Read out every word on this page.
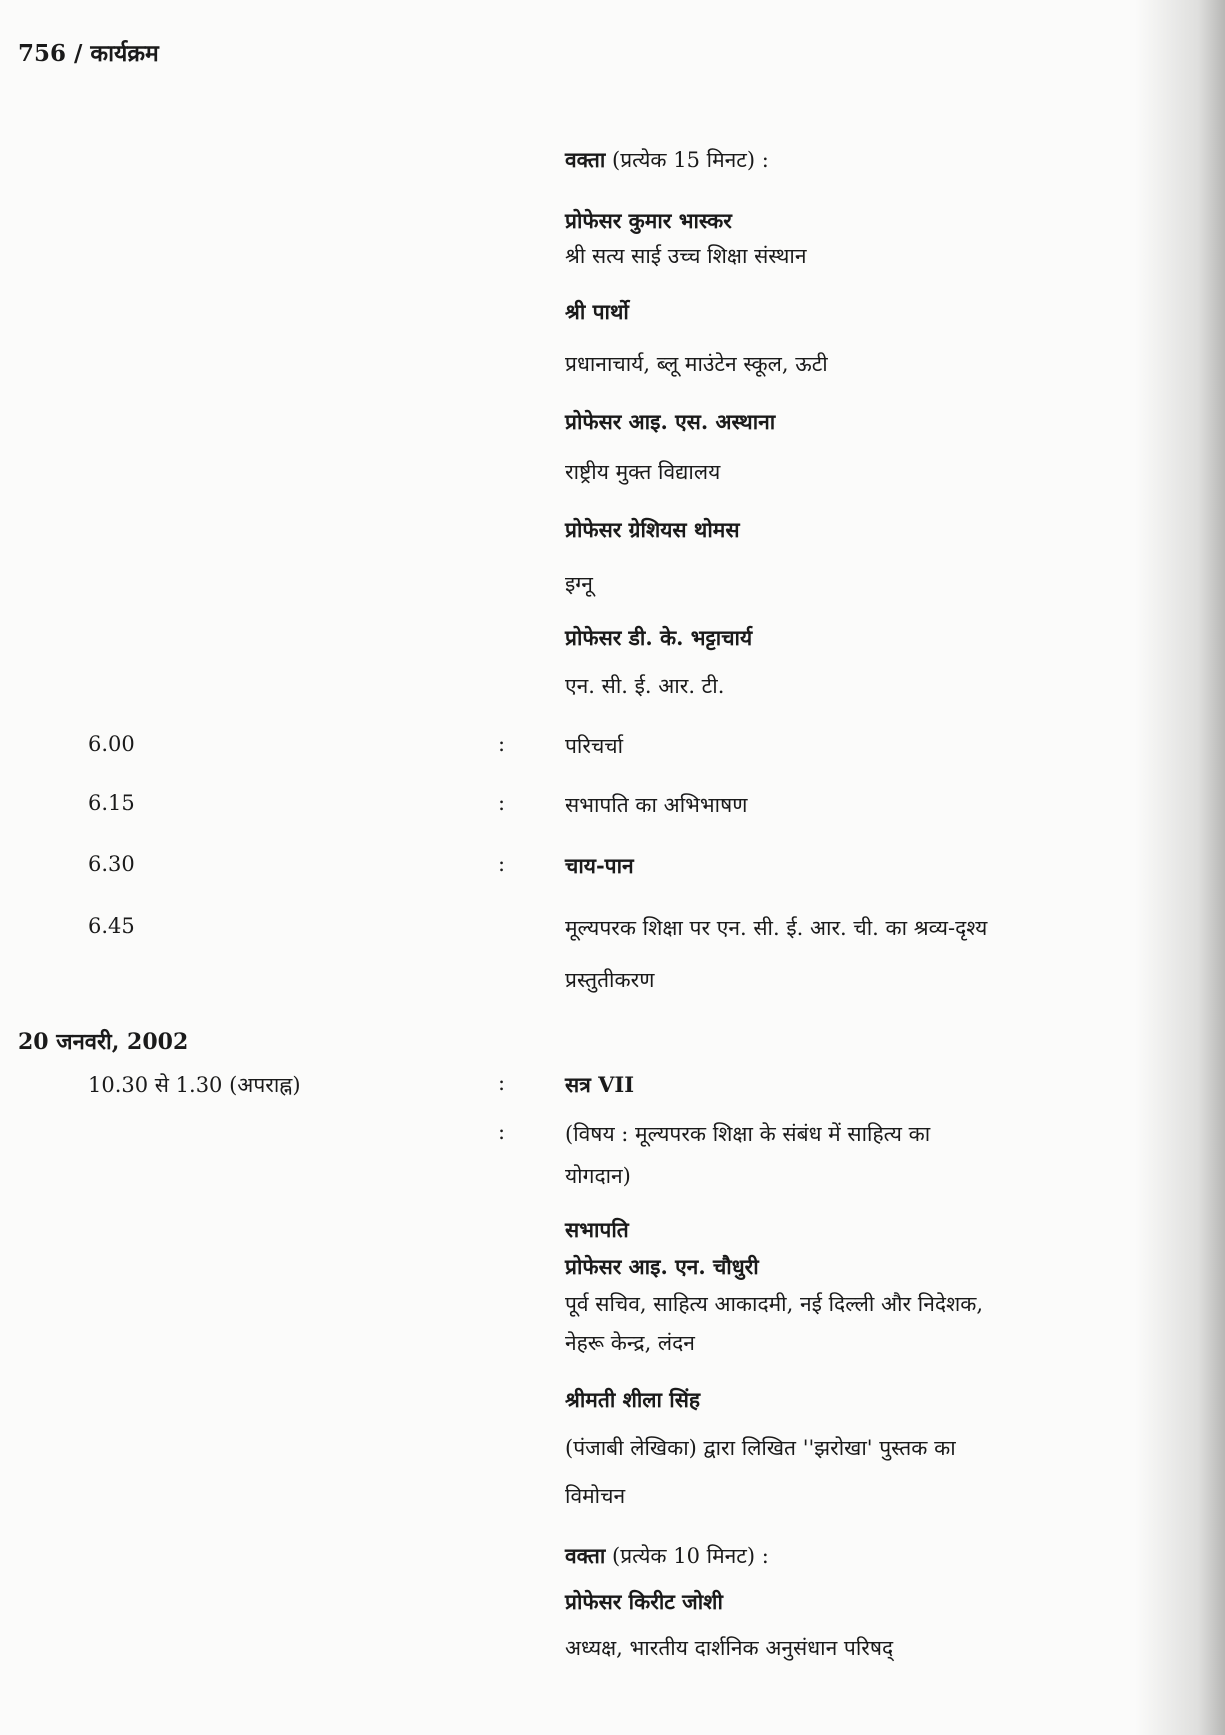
756 / कार्यक्रम
वक्ता (प्रत्येक 15 मिनट) :
प्रोफेसर कुमार भास्कर
श्री सत्य साई उच्च शिक्षा संस्थान
श्री पार्थो
प्रधानाचार्य, ब्लू माउंटेन स्कूल, ऊटी
प्रोफेसर आइ. एस. अस्थाना
राष्ट्रीय मुक्त विद्यालय
प्रोफेसर ग्रेशियस थोमस
इग्नू
प्रोफेसर डी. के. भट्टाचार्य
एन. सी. ई. आर. टी.
6.00	:	परिचर्चा
6.15	:	सभापति का अभिभाषण
6.30	:	चाय-पान
6.45	मूल्यपरक शिक्षा पर एन. सी. ई. आर. ची. का श्रव्य-दृश्य
प्रस्तुतीकरण
20 जनवरी, 2002
10.30 से 1.30 (अपराह्न)	:	सत्र VII
:	(विषय : मूल्यपरक शिक्षा के संबंध में साहित्य का
योगदान)
सभापति
प्रोफेसर आइ. एन. चौधुरी
पूर्व सचिव, साहित्य आकादमी, नई दिल्ली और निदेशक,
नेहरू केन्द्र, लंदन
श्रीमती शीला सिंह
(पंजाबी लेखिका) द्वारा लिखित ''झरोखा' पुस्तक का
विमोचन
वक्ता (प्रत्येक 10 मिनट) :
प्रोफेसर किरीट जोशी
अध्यक्ष, भारतीय दार्शनिक अनुसंधान परिषद्
